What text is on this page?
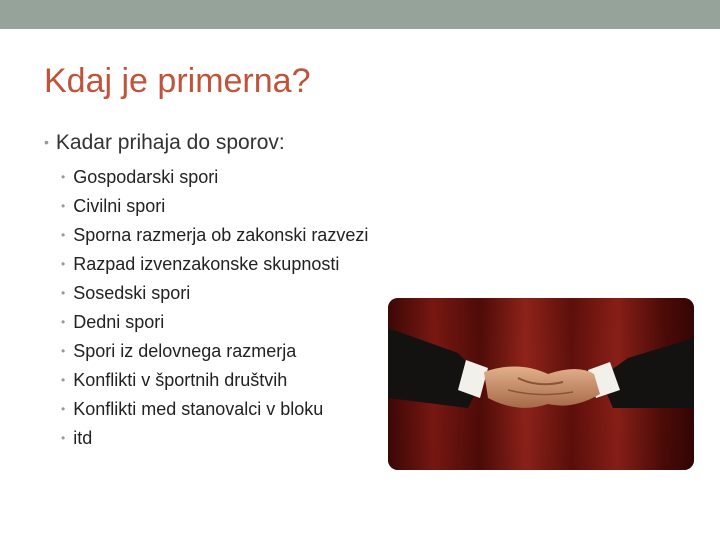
Kdaj je primerna?
• Kadar prihaja do sporov:
• Gospodarski spori
• Civilni spori
• Sporna razmerja ob zakonski razvezi
• Razpad izvenzakonske skupnosti
• Sosedski spori
• Dedni spori
• Spori iz delovnega razmerja
• Konflikti v športnih društvih
• Konflikti med stanovalci v bloku
• itd
